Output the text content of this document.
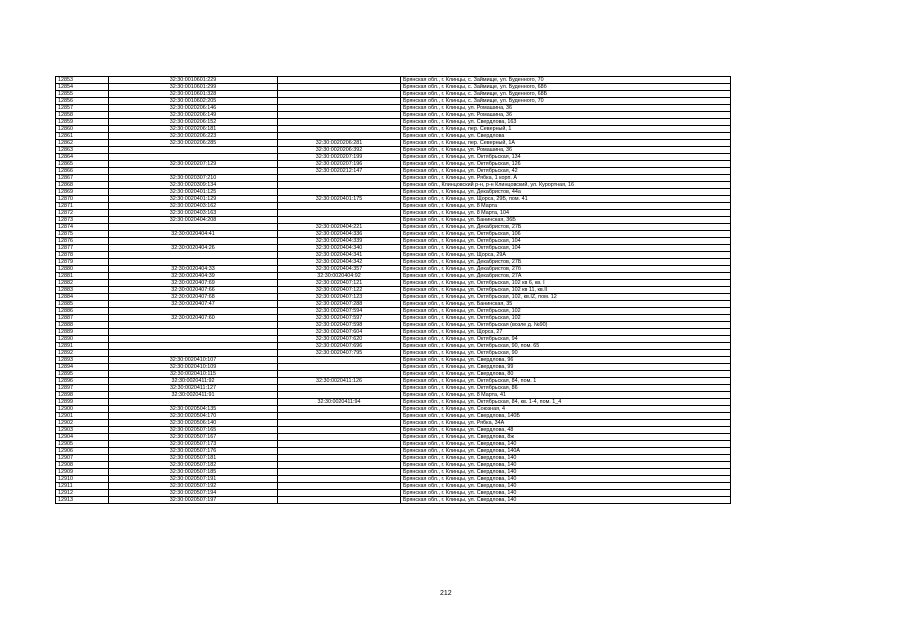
12853	32:30:0010601:229		Брянская обл., г. Клинцы, с. Займище, ул. Буденного, 70
12854	32:30:0010601:299		Брянская обл., г. Клинцы, с. Займище, ул. Буденного, 68б
12855	32:30:0010601:328		Брянская обл., г. Клинцы, с. Займище, ул. Буденного, 68Б
12856	32:30:0010602:205		Брянская обл., г. Клинцы, с. Займище, ул. Буденного, 70
12857	32:30:0020206:146		Брянская обл., г. Клинцы, ул. Ромашина, 36
12858	32:30:0020206:149		Брянская обл., г. Клинцы, ул. Ромашина, 36
12859	32:30:0020206:152		Брянская обл., г. Клинцы, ул. Свердлова, 163
12860	32:30:0020206:181		Брянская обл., г. Клинцы, пер. Северный, 1
12861	32:30:0020206:223		Брянская обл., г. Клинцы, ул. Свердлова
12862	32:30:0020206:285	32:30:0020206:281	Брянская обл., г. Клинцы, пер. Северный, 1А
12863		32:30:0020206:392	Брянская обл., г. Клинцы, ул. Ромашина, 36
12864		32:30:0020207:199	Брянская обл., г. Клинцы, ул. Октябрьская, 134
12865	32:30:0020207:129	32:30:0020207:196	Брянская обл., г. Клинцы, ул. Октябрьская, 126
12866		32:30:0020212:147	Брянская обл., г. Клинцы, ул. Октябрьская, 42
12867	32:30:0020307:210		Брянская обл., г. Клинцы, ул. Рябка, 1 корп. А
12868	32:30:0020309:134		Брянская обл., Клинцовский р-н, р-н Клинцовский, ул. Курортная, 16
12869	32:30:0020401:125		Брянская обл., г. Клинцы, ул. Декабристов, 44а
12870	32:30:0020401:129	32:30:0020401:175	Брянская обл., г. Клинцы, ул. Щорса, 29Б, пом. 41
12871	32:30:0020403:162		Брянская обл., г. Клинцы, ул. 8 Марта
12872	32:30:0020403:163		Брянская обл., г. Клинцы, ул. 8 Марта, 104
12873	32:30:0020404:208		Брянская обл., г. Клинцы, ул. Банинская, 36Б
12874		32:30:0020404:221	Брянская обл., г. Клинцы, ул. Декабристов, 27Б
12875	32:30:0020404:41	32:30:0020404:336	Брянская обл., г. Клинцы, ул. Октябрьская, 106
12876		32:30:0020404:339	Брянская обл., г. Клинцы, ул. Октябрьская, 104
12877	32:30:0020404:26	32:30:0020404:340	Брянская обл., г. Клинцы, ул. Октябрьская, 104
12878		32:30:0020404:341	Брянская обл., г. Клинцы, ул. Щорса, 29А
12879		32:30:0020404:342	Брянская обл., г. Клинцы, ул. Декабристов, 27Б
12880	32:30:0020404:33	32:30:0020404:357	Брянская обл., г. Клинцы, ул. Декабристов, 27б
12881	32:30:0020404:39	32:30:0020404:92	Брянская обл., г. Клинцы, ул. Декабристов, 27А
12882	32:30:0020407:69	32:30:0020407:121	Брянская обл., г. Клинцы, ул. Октябрьская, 102 кв 6, кв. I
12883	32:30:0020407:66	32:30:0020407:122	Брянская обл., г. Клинцы, ул. Октябрьская, 102 кв 11, кв.II
12884	32:30:0020407:68	32:30:0020407:123	Брянская обл., г. Клинцы, ул. Октябрьская, 102, кв.IZ, пом. 12
12885	32:30:0020407:47	32:30:0020407:288	Брянская обл., г. Клинцы, ул. Банинская, 35
12886		32:30:0020407:594	Брянская обл., г. Клинцы, ул. Октябрьская, 102
12887	32:30:0020407:60	32:30:0020407:597	Брянская обл., г. Клинцы, ул. Октябрьская, 102
12888		32:30:0020407:598	Брянская обл., г. Клинцы, ул. Октябрьская (возле д. №90)
12889		32:30:0020407:604	Брянская обл., г. Клинцы, ул. Щорса, 27
12890		32:30:0020407:620	Брянская обл., г. Клинцы, ул. Октябрьская, 94
12891		32:30:0020407:696	Брянская обл., г. Клинцы, ул. Октябрьская, 90, пом. 65
12892		32:30:0020407:795	Брянская обл., г. Клинцы, ул. Октябрьская, 90
12893	32:30:0020410:107		Брянская обл., г. Клинцы, ул. Свердлова, 96
12894	32:30:0020410:109		Брянская обл., г. Клинцы, ул. Свердлова, 99
12895	32:30:0020410:115		Брянская обл., г. Клинцы, ул. Свердлова, 80
12896	32:30:0020411:92	32:30:0020411:126	Брянская обл., г. Клинцы, ул. Октябрьская, 84, пом. 1
12897	32:30:0020411:127		Брянская обл., г. Клинцы, ул. Октябрьская, 86
12898	32:30:0020411:91		Брянская обл., г. Клинцы, ул. 8 Марта, 41
12899		32:30:0020411:94	Брянская обл., г. Клинцы, ул. Октябрьская, 84, кв. 1-4, пом. 1_4
12900	32:30:0020504:135		Брянская обл., г. Клинцы, ул. Союзная, 4
12901	32:30:0020504:170		Брянская обл., г. Клинцы, ул. Свердлова, 140Б
12902	32:30:0020506:140		Брянская обл., г. Клинцы, ул. Рябка, 34А
12903	32:30:0020507:165		Брянская обл., г. Клинцы, ул. Свердлова, 48
12904	32:30:0020507:167		Брянская обл., г. Клинцы, ул. Свердлова, 8ж
12905	32:30:0020507:173		Брянская обл., г. Клинцы, ул. Свердлова, 140
12906	32:30:0020507:176		Брянская обл., г. Клинцы, ул. Свердлова, 140А
12907	32:30:0020507:181		Брянская обл., г. Клинцы, ул. Свердлова, 140
12908	32:30:0020507:182		Брянская обл., г. Клинцы, ул. Свердлова, 140
12909	32:30:0020507:185		Брянская обл., г. Клинцы, ул. Свердлова, 140
12910	32:30:0020507:191		Брянская обл., г. Клинцы, ул. Свердлова, 140
12911	32:30:0020507:192		Брянская обл., г. Клинцы, ул. Свердлова, 140
12912	32:30:0020507:194		Брянская обл., г. Клинцы, ул. Свердлова, 140
12913	32:30:0020507:197		Брянская обл., г. Клинцы, ул. Свердлова, 140
212
